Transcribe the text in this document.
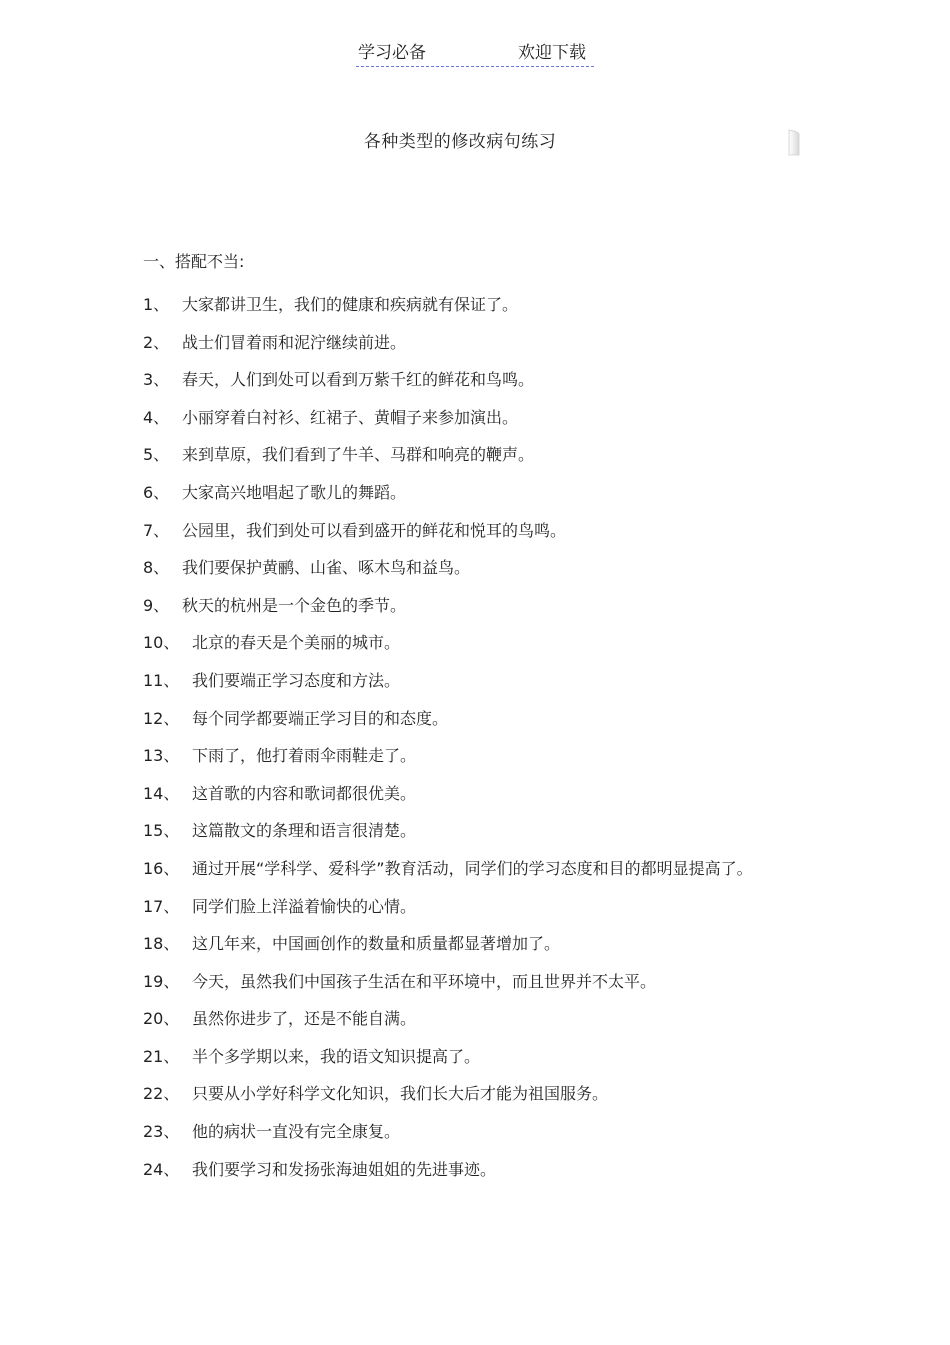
学习必备	欢迎下载
各种类型的修改病句练习
一、搭配不当:
1、 大家都讲卫生，我们的健康和疾病就有保证了。
2、 战士们冒着雨和泥泞继续前进。
3、 春天，人们到处可以看到万紫千红的鲜花和鸟鸣。
4、 小丽穿着白衬衫、红裙子、黄帽子来参加演出。
5、 来到草原，我们看到了牛羊、马群和响亮的鞭声。
6、 大家高兴地唱起了歌儿的舞蹈。
7、 公园里，我们到处可以看到盛开的鲜花和悦耳的鸟鸣。
8、 我们要保护黄鹂、山雀、啄木鸟和益鸟。
9、 秋天的杭州是一个金色的季节。
10、 北京的春天是个美丽的城市。
11、 我们要端正学习态度和方法。
12、 每个同学都要端正学习目的和态度。
13、 下雨了，他打着雨伞雨鞋走了。
14、 这首歌的内容和歌词都很优美。
15、 这篇散文的条理和语言很清楚。
16、 通过开展“学科学、爱科学”教育活动，同学们的学习态度和目的都明显提高了。
17、 同学们脸上洋溢着愉快的心情。
18、 这几年来，中国画创作的数量和质量都显著增加了。
19、 今天，虽然我们中国孩子生活在和平环境中，而且世界并不太平。
20、 虽然你进步了，还是不能自满。
21、 半个多学期以来，我的语文知识提高了。
22、 只要从小学好科学文化知识，我们长大后才能为祖国服务。
23、 他的病状一直没有完全康复。
24、 我们要学习和发扬张海迪姐姐的先进事迹。
